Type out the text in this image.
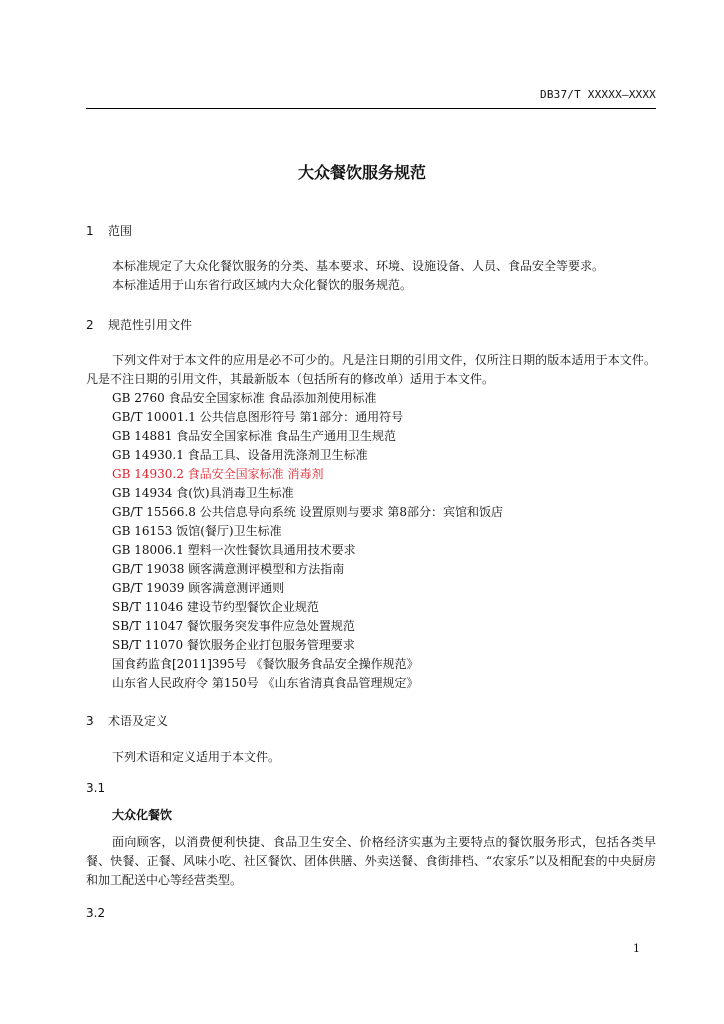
DB37/T XXXXX—XXXX
大众餐饮服务规范
1 范围

本标准规定了大众化餐饮服务的分类、基本要求、环境、设施设备、人员、食品安全等要求。

本标准适用于山东省行政区域内大众化餐饮的服务规范。

2 规范性引用文件

下列文件对于本文件的应用是必不可少的。凡是注日期的引用文件，仅所注日期的版本适用于本文件。凡是不注日期的引用文件，其最新版本（包括所有的修改单）适用于本文件。

GB 2760 食品安全国家标准 食品添加剂使用标准
GB/T 10001.1 公共信息图形符号 第1部分：通用符号
GB 14881 食品安全国家标准 食品生产通用卫生规范
GB 14930.1 食品工具、设备用洗涤剂卫生标准
GB 14930.2 食品安全国家标准 消毒剂
GB 14934 食(饮)具消毒卫生标准
GB/T 15566.8 公共信息导向系统 设置原则与要求 第8部分：宾馆和饭店
GB 16153 饭馆(餐厅)卫生标准
GB 18006.1 塑料一次性餐饮具通用技术要求
GB/T 19038 顾客满意测评模型和方法指南
GB/T 19039 顾客满意测评通则
SB/T 11046 建设节约型餐饮企业规范
SB/T 11047 餐饮服务突发事件应急处置规范
SB/T 11070 餐饮服务企业打包服务管理要求
国食药监食[2011]395号 《餐饮服务食品安全操作规范》
山东省人民政府令 第150号 《山东省清真食品管理规定》
3 术语及定义

下列术语和定义适用于本文件。

3.1
大众化餐饮

面向顾客，以消费便利快捷、食品卫生安全、价格经济实惠为主要特点的餐饮服务形式，包括各类早餐、快餐、正餐、风味小吃、社区餐饮、团体供膳、外卖送餐、食街排档、“农家乐”以及相配套的中央厨房和加工配送中心等经营类型。

3.2
1
